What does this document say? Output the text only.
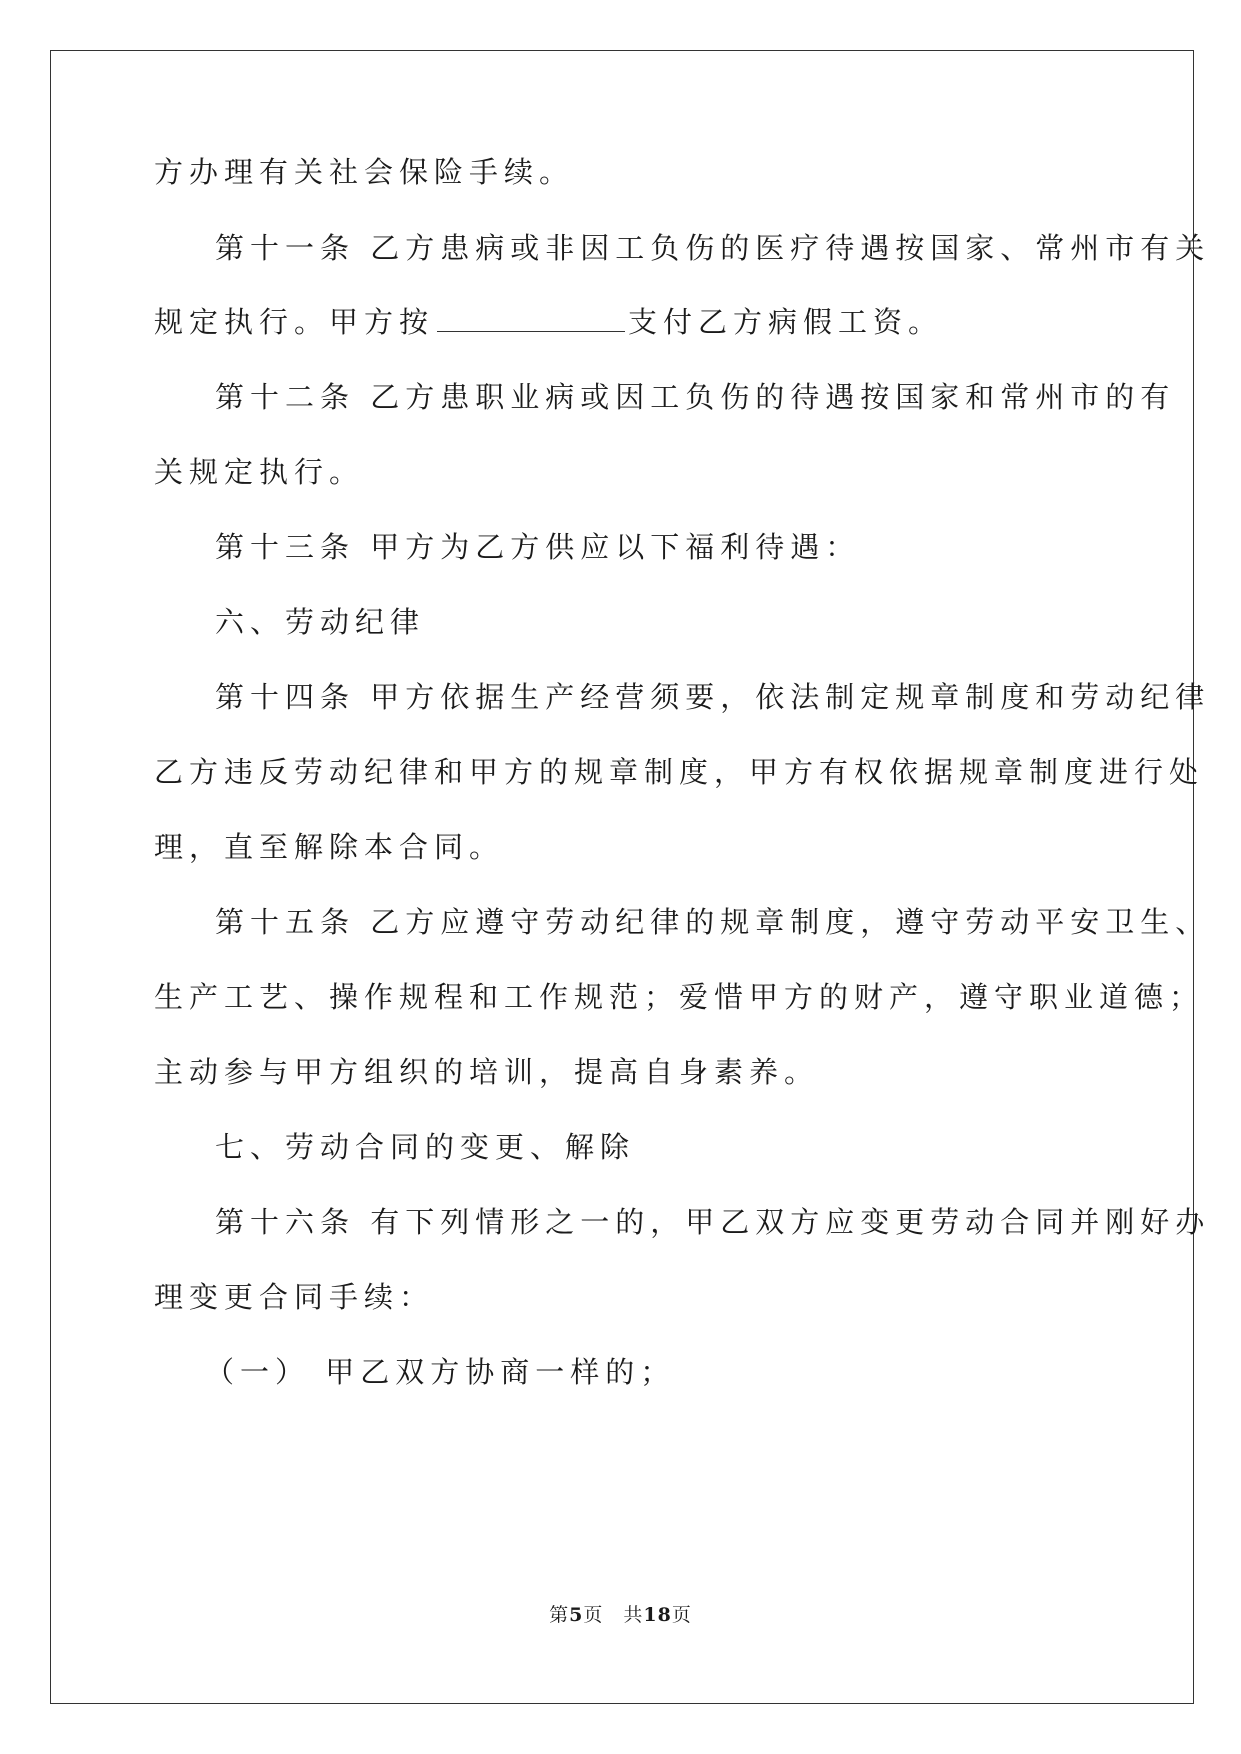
方办理有关社会保险手续。
第十一条 乙方患病或非因工负伤的医疗待遇按国家、常州市有关
规定执行。甲方按	支付乙方病假工资。
第十二条 乙方患职业病或因工负伤的待遇按国家和常州市的有
关规定执行。
第十三条 甲方为乙方供应以下福利待遇：
六、劳动纪律
第十四条 甲方依据生产经营须要，依法制定规章制度和劳动纪律
乙方违反劳动纪律和甲方的规章制度，甲方有权依据规章制度进行处
理，直至解除本合同。
第十五条 乙方应遵守劳动纪律的规章制度，遵守劳动平安卫生、
生产工艺、操作规程和工作规范；爱惜甲方的财产，遵守职业道德；
主动参与甲方组织的培训，提高自身素养。
七、劳动合同的变更、解除
第十六条 有下列情形之一的，甲乙双方应变更劳动合同并刚好办
理变更合同手续：
（一） 甲乙双方协商一样的；
第5页　共18页
